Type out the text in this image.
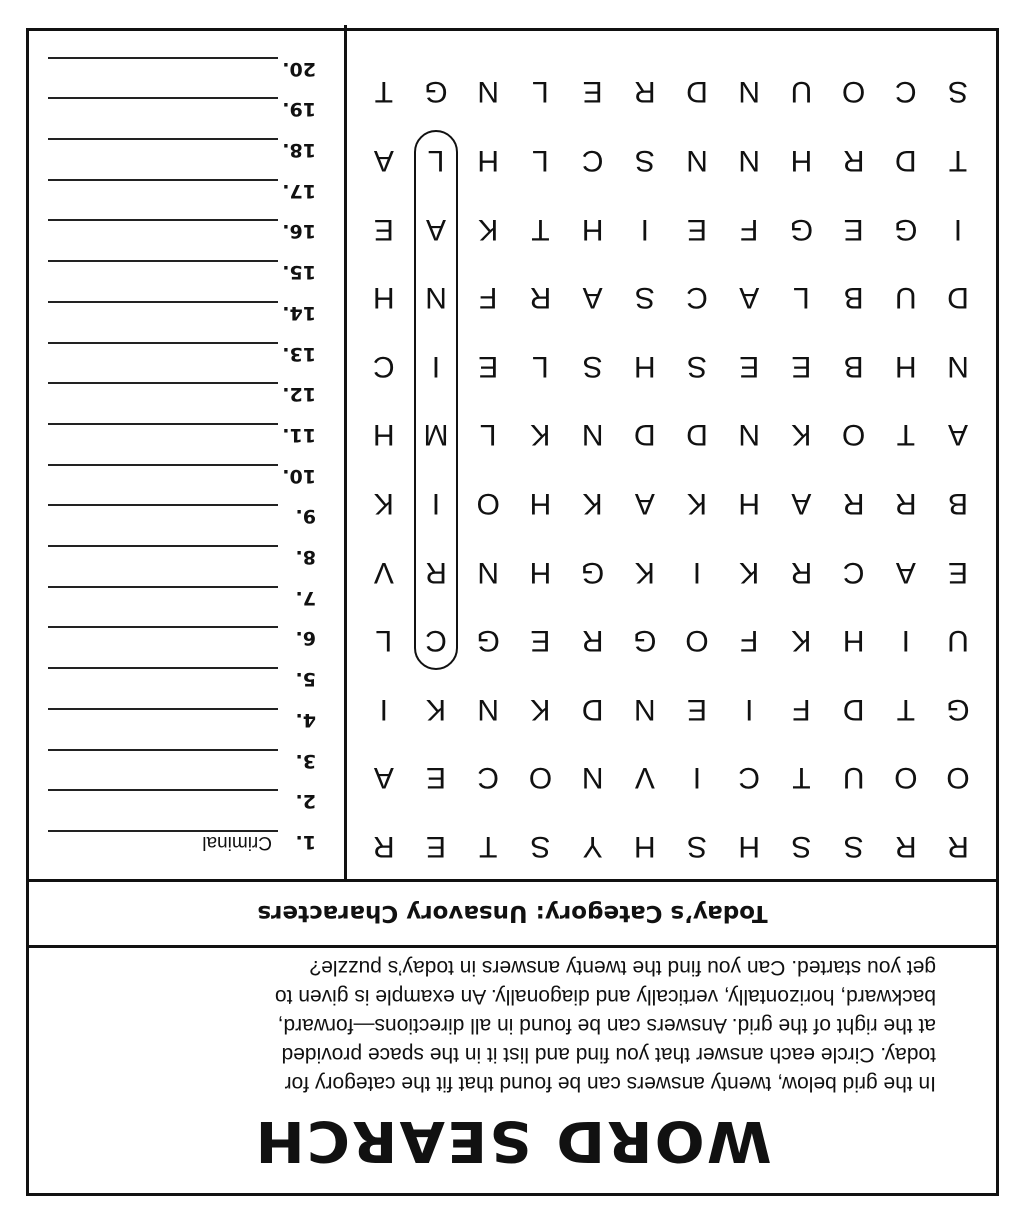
WORD SEARCH
In the grid below, twenty answers can be found that fit the category for
today. Circle each answer that you find and list it in the space provided
at the right of the grid. Answers can be found in all directions—forward,
backward, horizontally, vertically and diagonally. An example is given to
get you started. Can you find the twenty answers in today’s puzzle?
Today’s Category: Unsavory Characters
R
R
S
S
H
S
H
Y
S
T
E
R
O
O
U
T
C
I
V
N
O
C
E
A
G
T
D
F
I
E
N
D
K
N
K
I
U
I
H
K
F
O
G
R
E
G
C
L
E
A
C
R
K
I
K
G
H
N
R
V
B
R
R
A
H
K
A
K
H
O
I
K
A
T
O
K
N
D
D
N
K
L
M
H
N
H
B
E
E
S
H
S
L
E
I
C
D
U
B
L
A
C
S
A
R
F
N
H
I
G
E
G
F
E
I
H
T
K
A
E
T
D
R
H
N
N
S
C
L
H
L
A
S
C
O
U
N
D
R
E
L
N
G
T
1.
Criminal
2.
3.
4.
5.
6.
7.
8.
9.
10.
11.
12.
13.
14.
15.
16.
17.
18.
19.
20.
